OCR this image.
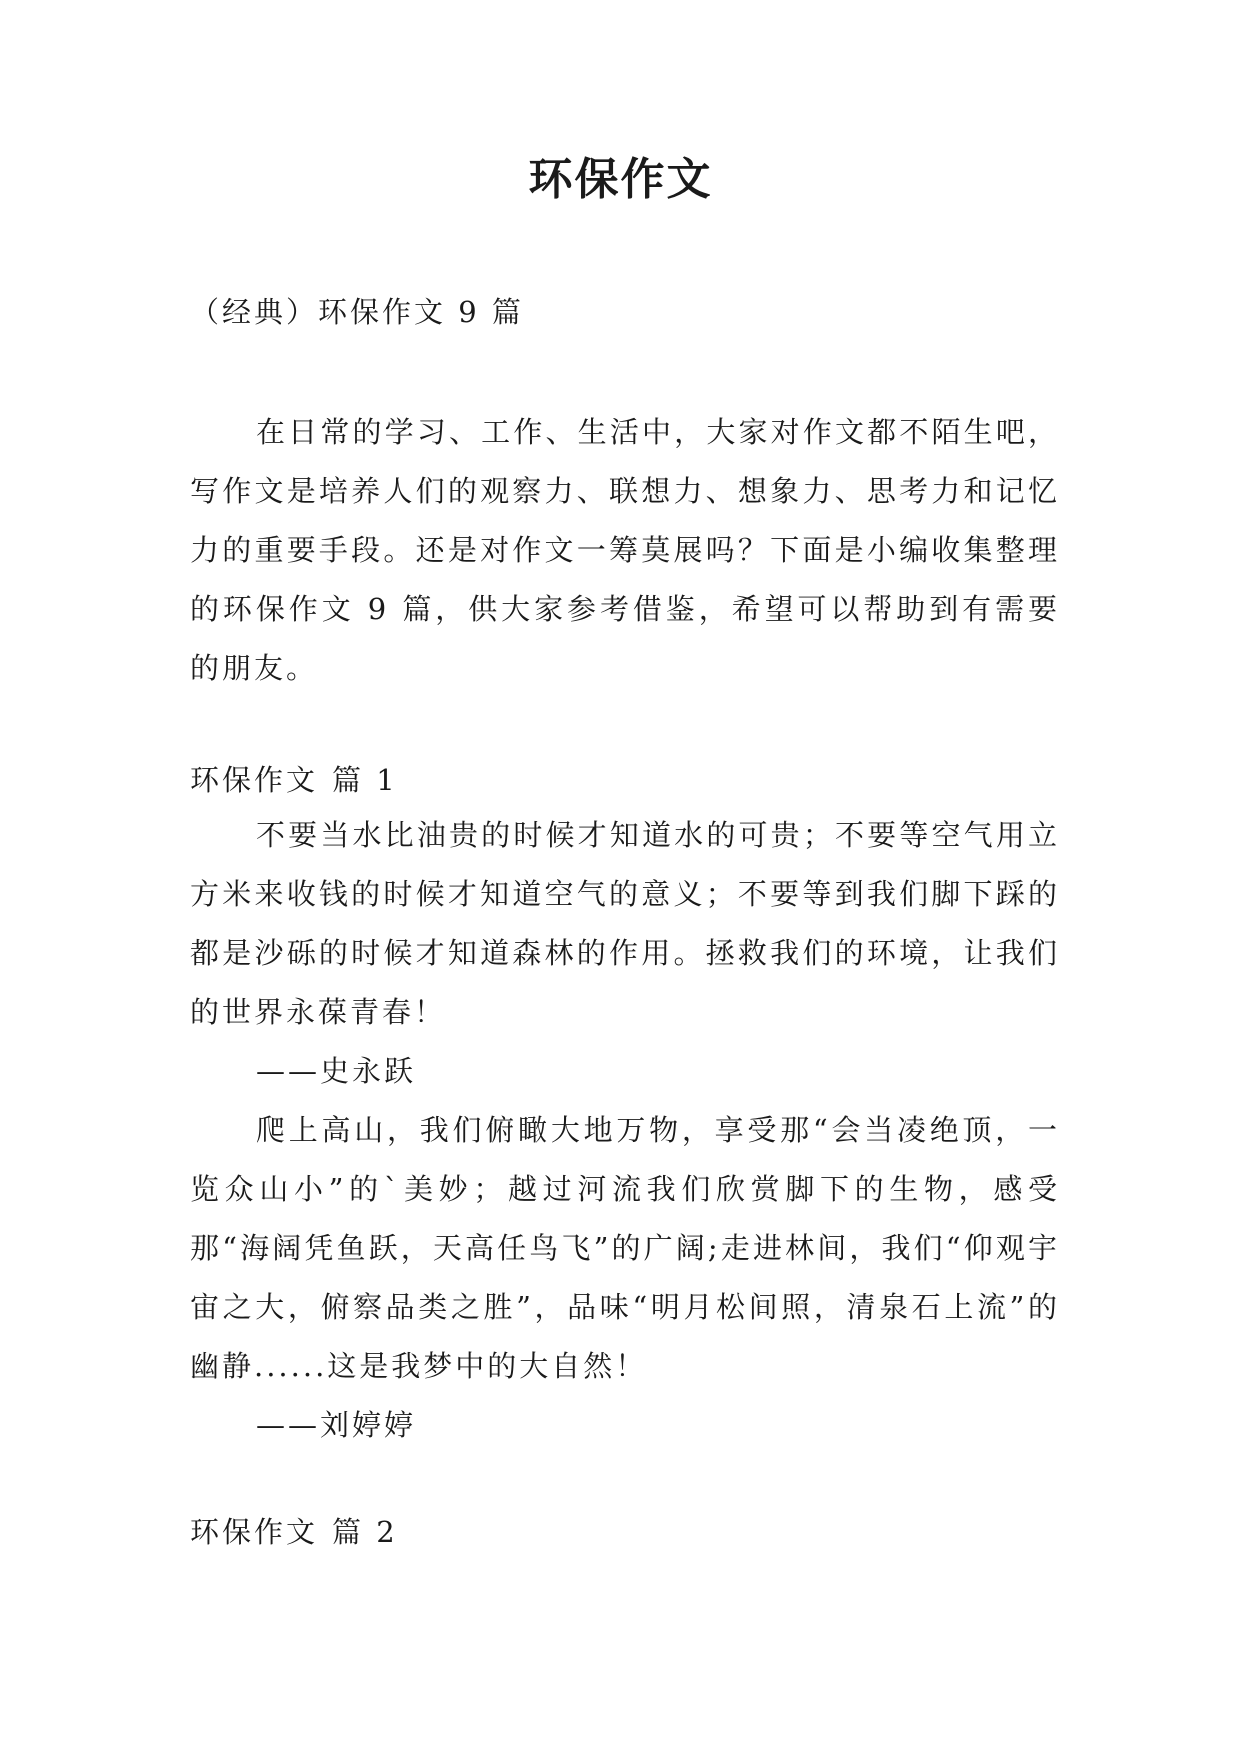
环保作文

（经典）环保作文 9 篇

在日常的学习、工作、生活中，大家对作文都不陌生吧，写作文是培养人们的观察力、联想力、想象力、思考力和记忆力的重要手段。还是对作文一筹莫展吗？下面是小编收集整理的环保作文 9 篇，供大家参考借鉴，希望可以帮助到有需要的朋友。

环保作文 篇 1

不要当水比油贵的时候才知道水的可贵；不要等空气用立方米来收钱的时候才知道空气的意义；不要等到我们脚下踩的都是沙砾的时候才知道森林的作用。拯救我们的环境，让我们的世界永葆青春！

——史永跃

爬上高山，我们俯瞰大地万物，享受那“会当凌绝顶，一览众山小”的`美妙；越过河流我们欣赏脚下的生物，感受那“海阔凭鱼跃，天高任鸟飞”的广阔;走进林间，我们“仰观宇宙之大，俯察品类之胜”，品味“明月松间照，清泉石上流”的幽静......这是我梦中的大自然！

——刘婷婷

环保作文 篇 2
